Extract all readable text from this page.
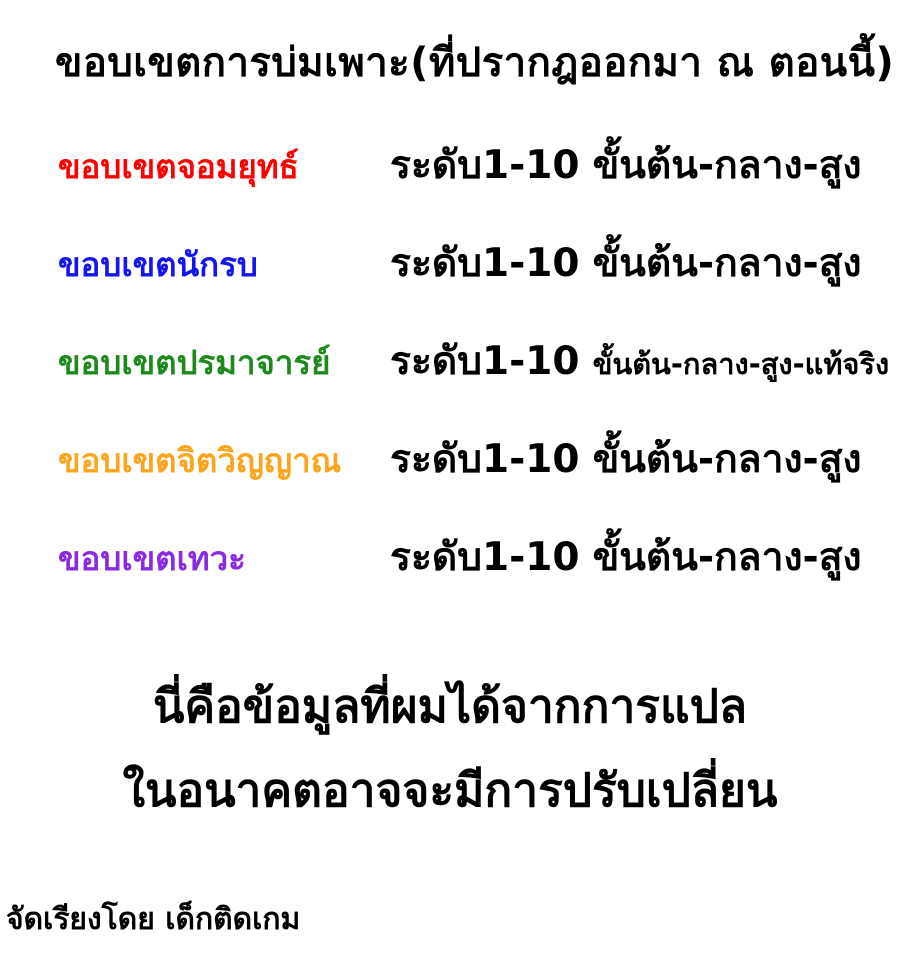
ขอบเขตการบ่มเพาะ(ที่ปรากฎออกมา ณ ตอนนี้)
ขอบเขตจอมยุทธ์	ระดับ1-10 ขั้นต้น-กลาง-สูง
ขอบเขตนักรบ	ระดับ1-10 ขั้นต้น-กลาง-สูง
ขอบเขตปรมาจารย์	ระดับ1-10 ขั้นต้น-กลาง-สูง-แท้จริง
ขอบเขตจิตวิญญาณ	ระดับ1-10 ขั้นต้น-กลาง-สูง
ขอบเขตเทวะ	ระดับ1-10 ขั้นต้น-กลาง-สูง
นี่คือข้อมูลที่ผมได้จากการแปล
ในอนาคตอาจจะมีการปรับเปลี่ยน
จัดเรียงโดย เด็กติดเกม
